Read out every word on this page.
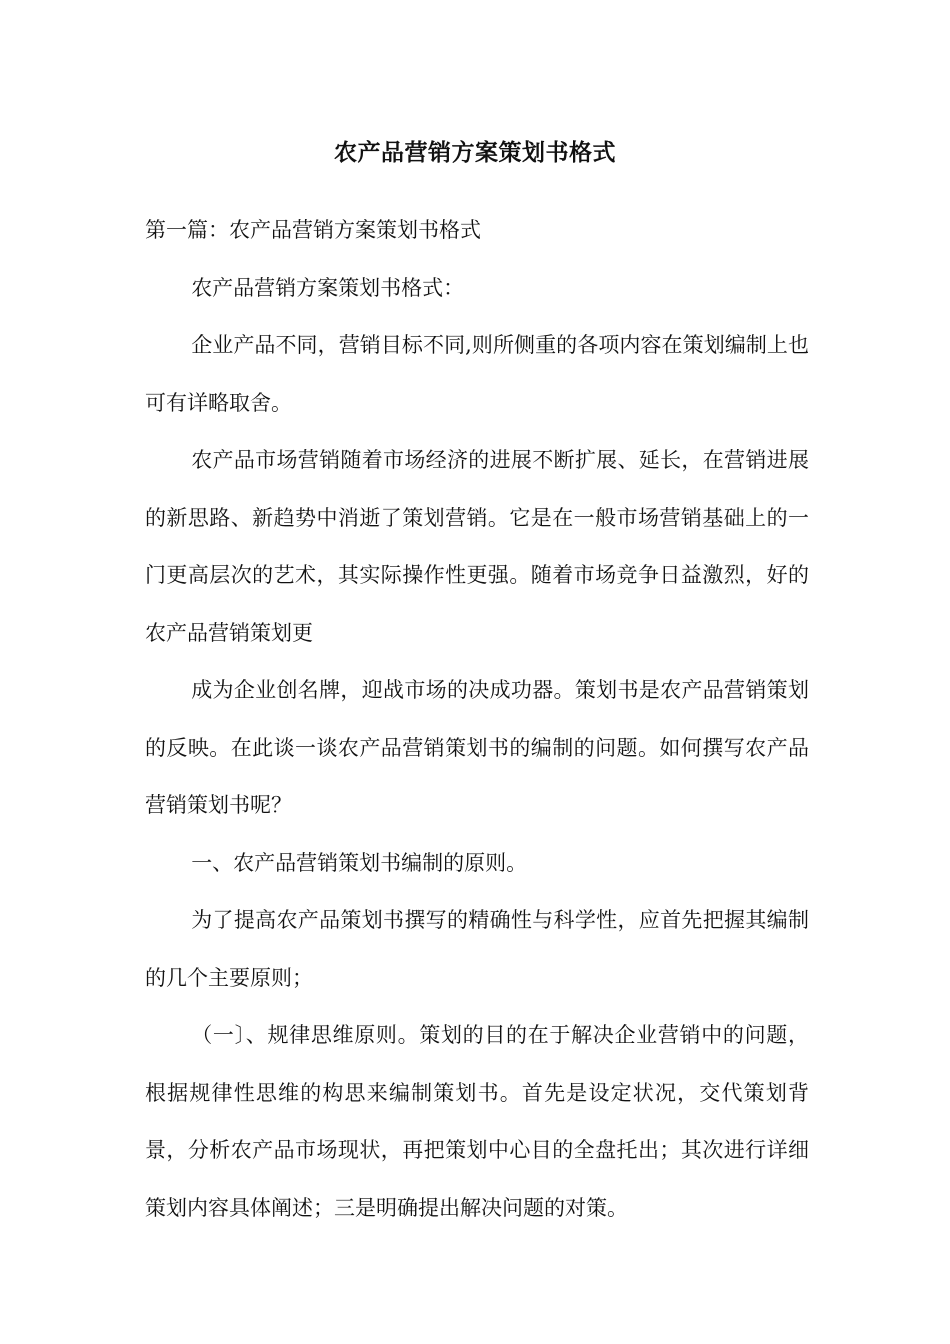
农产品营销方案策划书格式

第一篇：农产品营销方案策划书格式

农产品营销方案策划书格式：

企业产品不同，营销目标不同,则所侧重的各项内容在策划编制上也可有详略取舍。

农产品市场营销随着市场经济的进展不断扩展、延长，在营销进展的新思路、新趋势中消逝了策划营销。它是在一般市场营销基础上的一门更高层次的艺术，其实际操作性更强。随着市场竞争日益激烈，好的农产品营销策划更

成为企业创名牌，迎战市场的决成功器。策划书是农产品营销策划的反映。在此谈一谈农产品营销策划书的编制的问题。如何撰写农产品营销策划书呢？

一、农产品营销策划书编制的原则。

为了提高农产品策划书撰写的精确性与科学性，应首先把握其编制的几个主要原则；

（一〕、规律思维原则。策划的目的在于解决企业营销中的问题，根据规律性思维的构思来编制策划书。首先是设定状况，交代策划背景，分析农产品市场现状，再把策划中心目的全盘托出；其次进行详细策划内容具体阐述；三是明确提出解决问题的对策。
